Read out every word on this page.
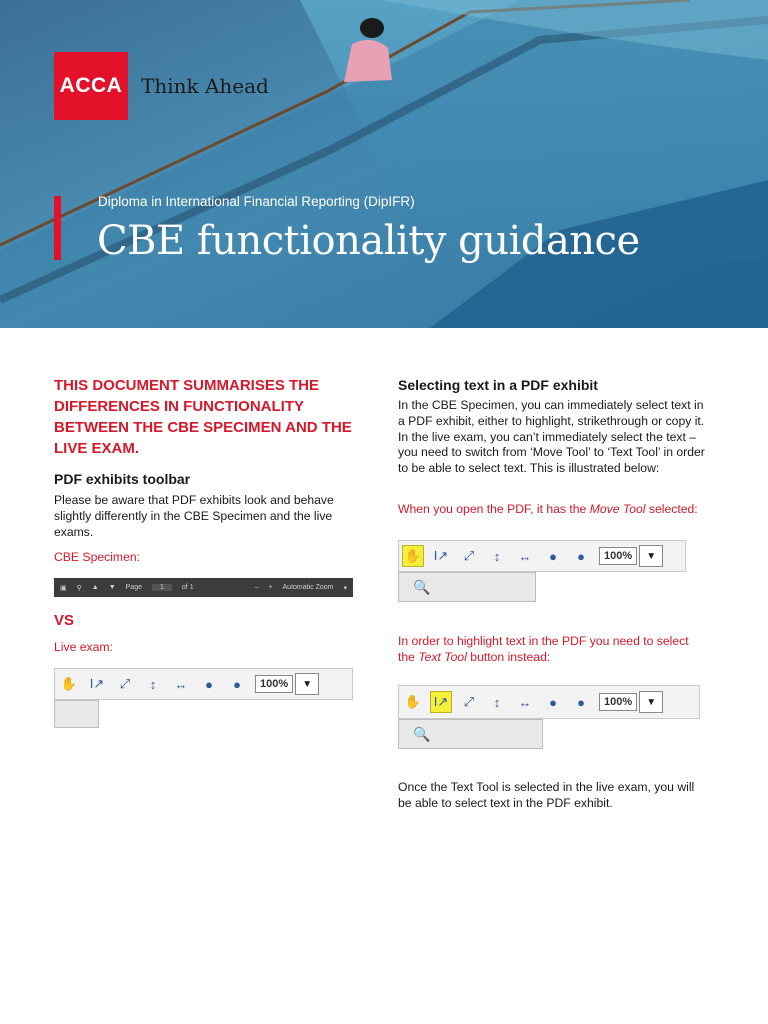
ACCA Think Ahead
Diploma in International Financial Reporting (DipIFR)
CBE functionality guidance
THIS DOCUMENT SUMMARISES THE DIFFERENCES IN FUNCTIONALITY BETWEEN THE CBE SPECIMEN AND THE LIVE EXAM.
PDF exhibits toolbar
Please be aware that PDF exhibits look and behave slightly differently in the CBE Specimen and the live exams.
CBE Specimen:
▣ ⚲ ▲ ▼ Page	1	of 1	– + Automatic Zoom ▾
VS
Live exam:
✋ I↗	⤢	↕	↔	●	●	100%	▼
Selecting text in a PDF exhibit
In the CBE Specimen, you can immediately select text in a PDF exhibit, either to highlight, strikethrough or copy it. In the live exam, you can’t immediately select the text – you need to switch from ‘Move Tool’ to ‘Text Tool’ in order to be able to select text. This is illustrated below:
When you open the PDF, it has the Move Tool selected:
✋ I↗	⤢	↕	↔	●	●	100%	▼
🔍
In order to highlight text in the PDF you need to select the Text Tool button instead:
✋ I↗	⤢	↕	↔	●	●	100%	▼
🔍
Once the Text Tool is selected in the live exam, you will be able to select text in the PDF exhibit.
